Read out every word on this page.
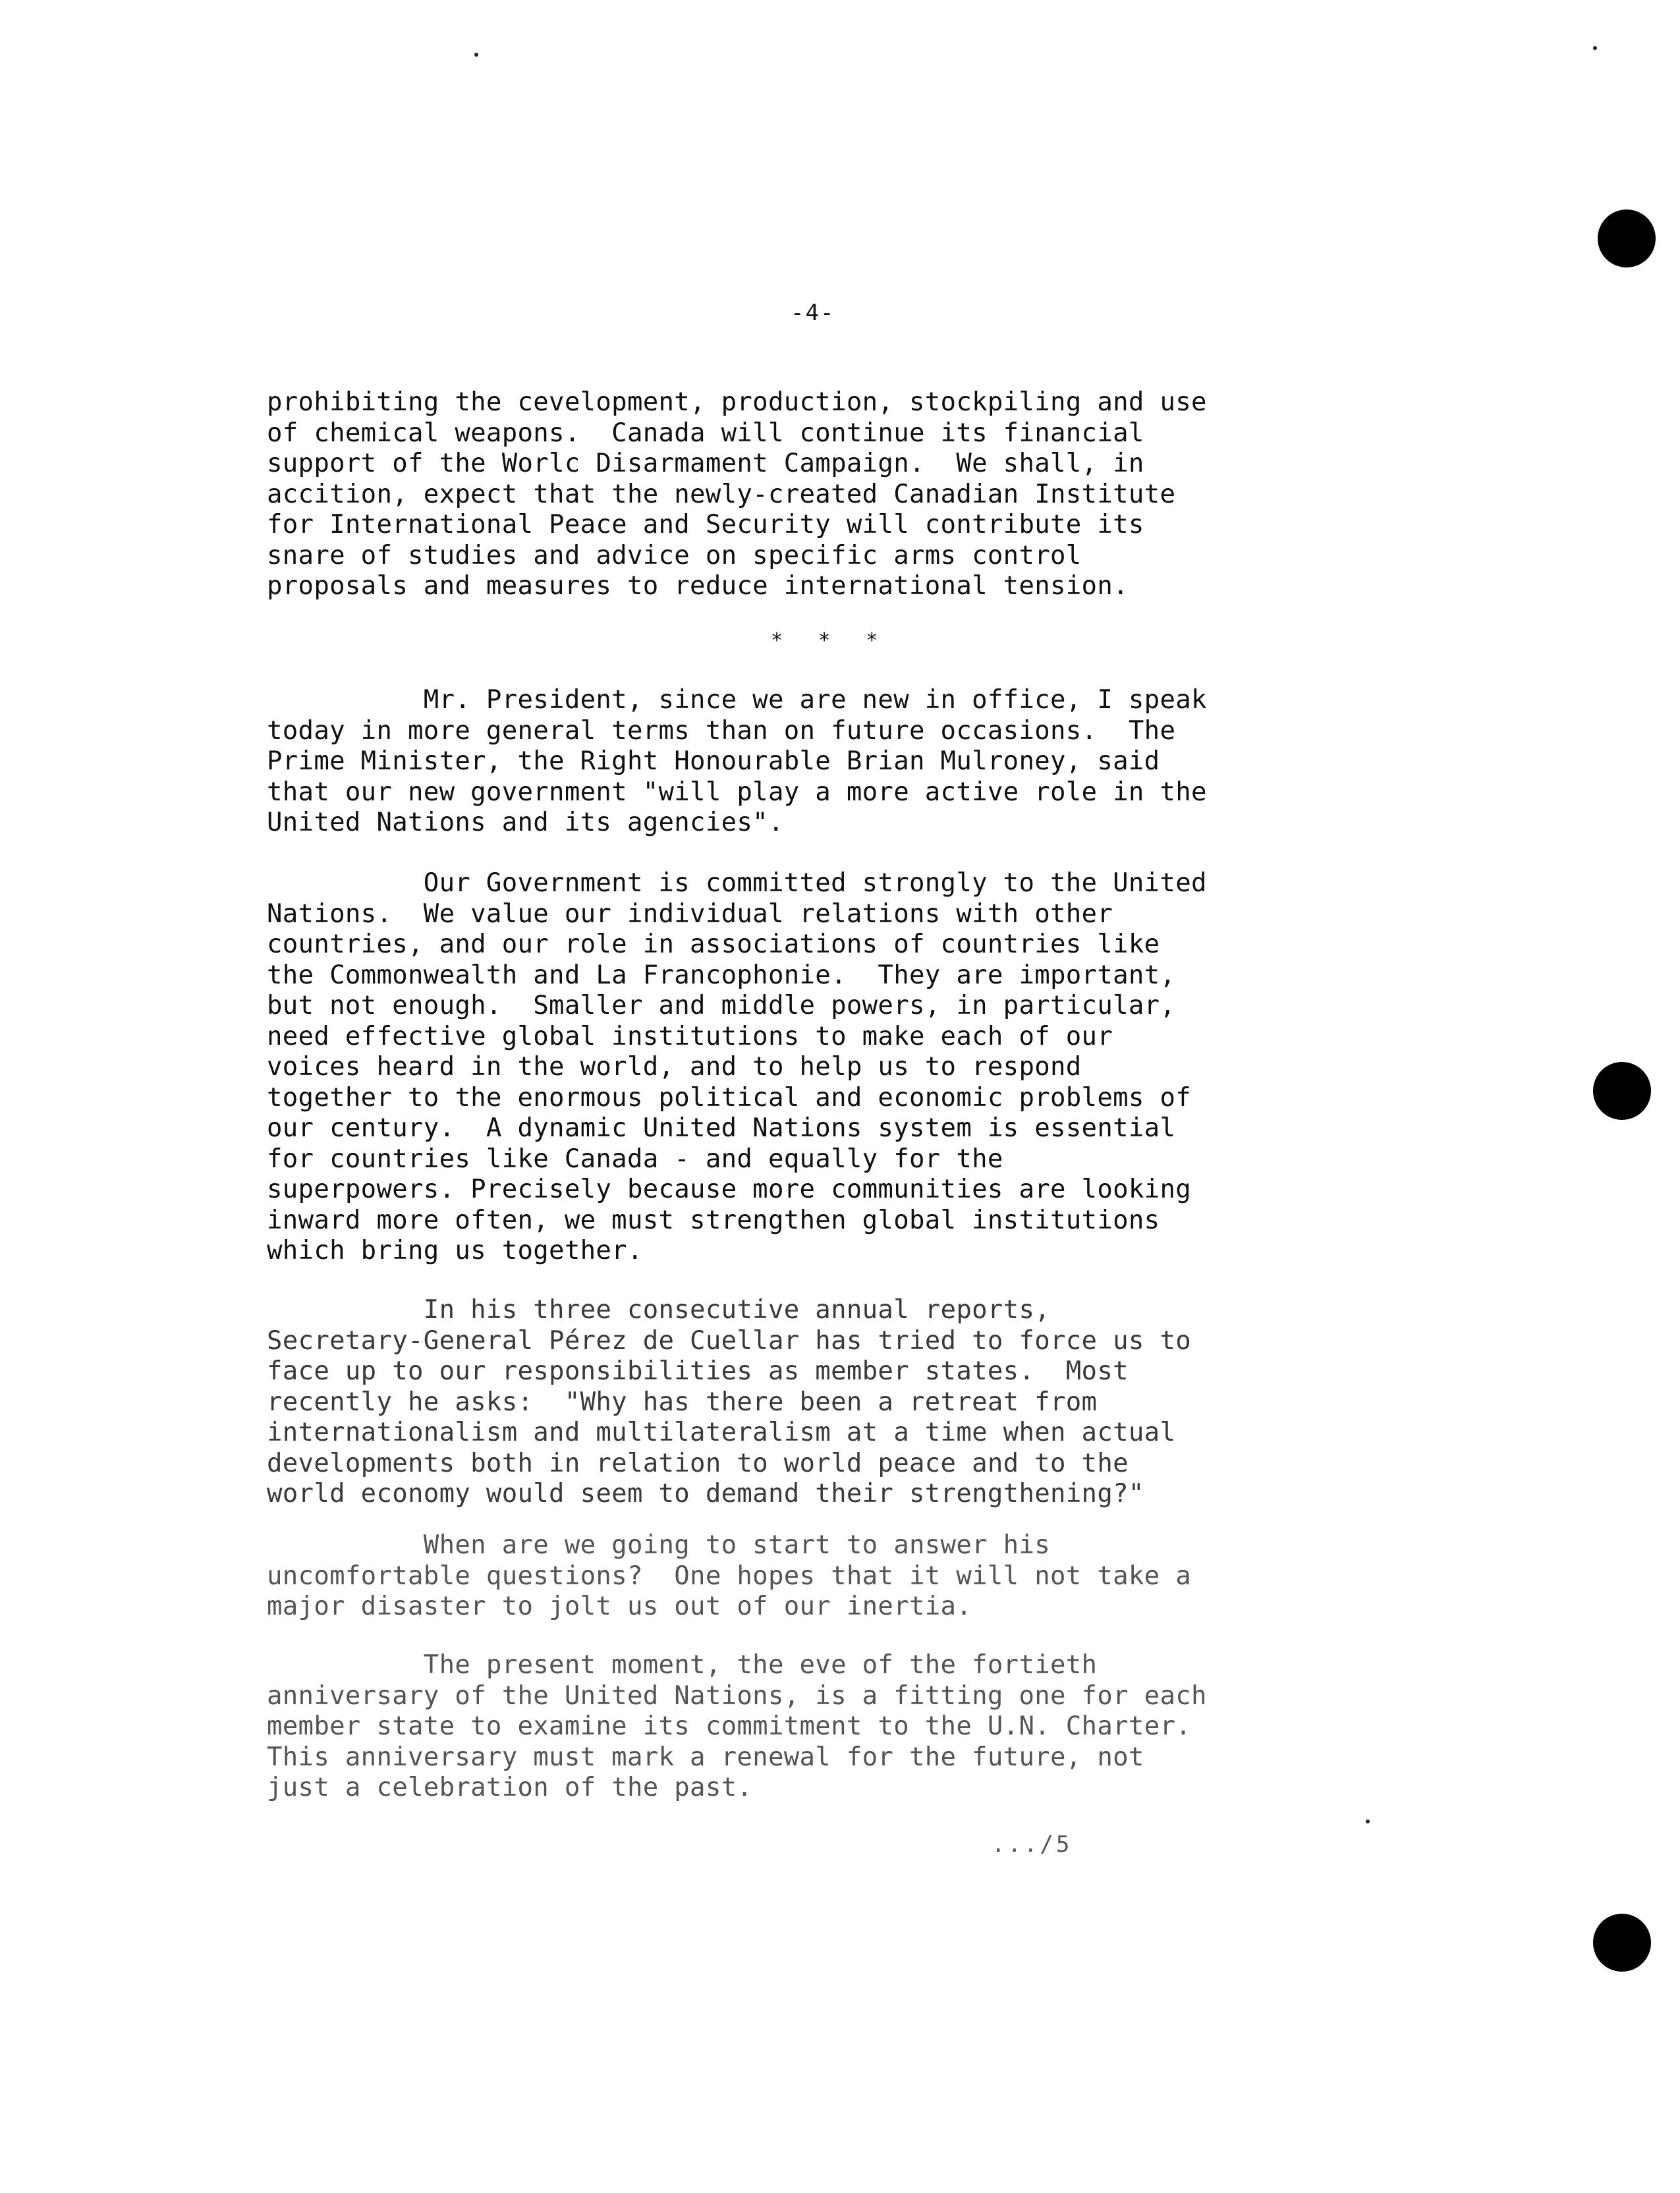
-4-
prohibiting the cevelopment, production, stockpiling and use
of chemical weapons.  Canada will continue its financial
support of the Worlc Disarmament Campaign.  We shall, in
accition, expect that the newly-created Canadian Institute
for International Peace and Security will contribute its
snare of studies and advice on specific arms control
proposals and measures to reduce international tension.
* * *
Mr. President, since we are new in office, I speak
today in more general terms than on future occasions.  The
Prime Minister, the Right Honourable Brian Mulroney, said
that our new government "will play a more active role in the
United Nations and its agencies".
Our Government is committed strongly to the United
Nations.  We value our individual relations with other
countries, and our role in associations of countries like
the Commonwealth and La Francophonie.  They are important,
but not enough.  Smaller and middle powers, in particular,
need effective global institutions to make each of our
voices heard in the world, and to help us to respond
together to the enormous political and economic problems of
our century.  A dynamic United Nations system is essential
for countries like Canada - and equally for the
superpowers. Precisely because more communities are looking
inward more often, we must strengthen global institutions
which bring us together.
In his three consecutive annual reports,
Secretary-General Pérez de Cuellar has tried to force us to
face up to our responsibilities as member states.  Most
recently he asks:  "Why has there been a retreat from
internationalism and multilateralism at a time when actual
developments both in relation to world peace and to the
world economy would seem to demand their strengthening?"
When are we going to start to answer his
uncomfortable questions?  One hopes that it will not take a
major disaster to jolt us out of our inertia.
The present moment, the eve of the fortieth
anniversary of the United Nations, is a fitting one for each
member state to examine its commitment to the U.N. Charter.
This anniversary must mark a renewal for the future, not
just a celebration of the past.
.../5
